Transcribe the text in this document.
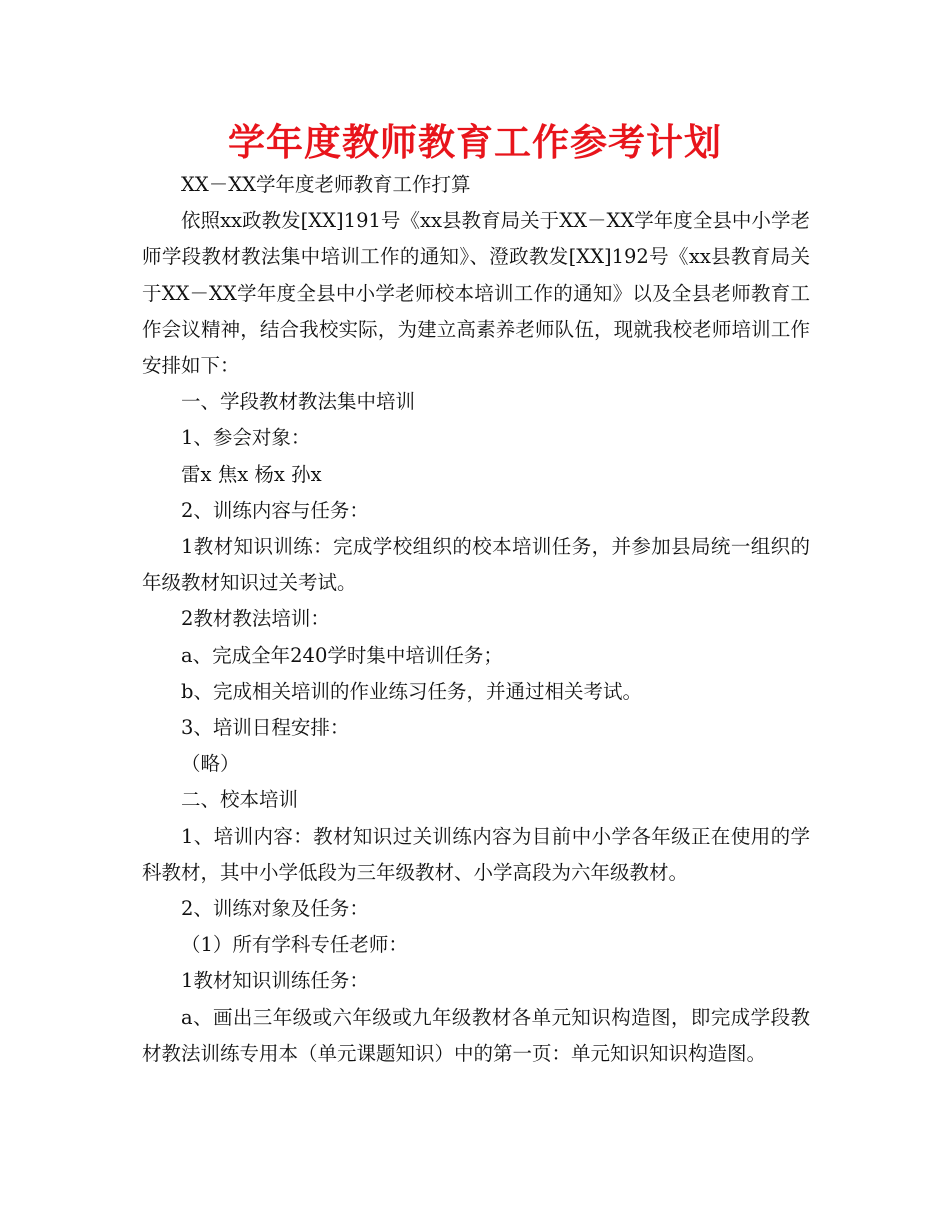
学年度教师教育工作参考计划

XX－XX学年度老师教育工作打算

依照xx政教发[XX]191号《xx县教育局关于XX－XX学年度全县中小学老师学段教材教法集中培训工作的通知》、澄政教发[XX]192号《xx县教育局关于XX－XX学年度全县中小学老师校本培训工作的通知》以及全县老师教育工作会议精神，结合我校实际，为建立高素养老师队伍，现就我校老师培训工作安排如下：

一、学段教材教法集中培训

1、参会对象：

雷x 焦x 杨x 孙x

2、训练内容与任务：

1教材知识训练：完成学校组织的校本培训任务，并参加县局统一组织的年级教材知识过关考试。

2教材教法培训：

a、完成全年240学时集中培训任务；

b、完成相关培训的作业练习任务，并通过相关考试。

3、培训日程安排：

（略）

二、校本培训

1、培训内容：教材知识过关训练内容为目前中小学各年级正在使用的学科教材，其中小学低段为三年级教材、小学高段为六年级教材。

2、训练对象及任务：

（1）所有学科专任老师：

1教材知识训练任务：

a、画出三年级或六年级或九年级教材各单元知识构造图，即完成学段教材教法训练专用本（单元课题知识）中的第一页：单元知识知识构造图。
